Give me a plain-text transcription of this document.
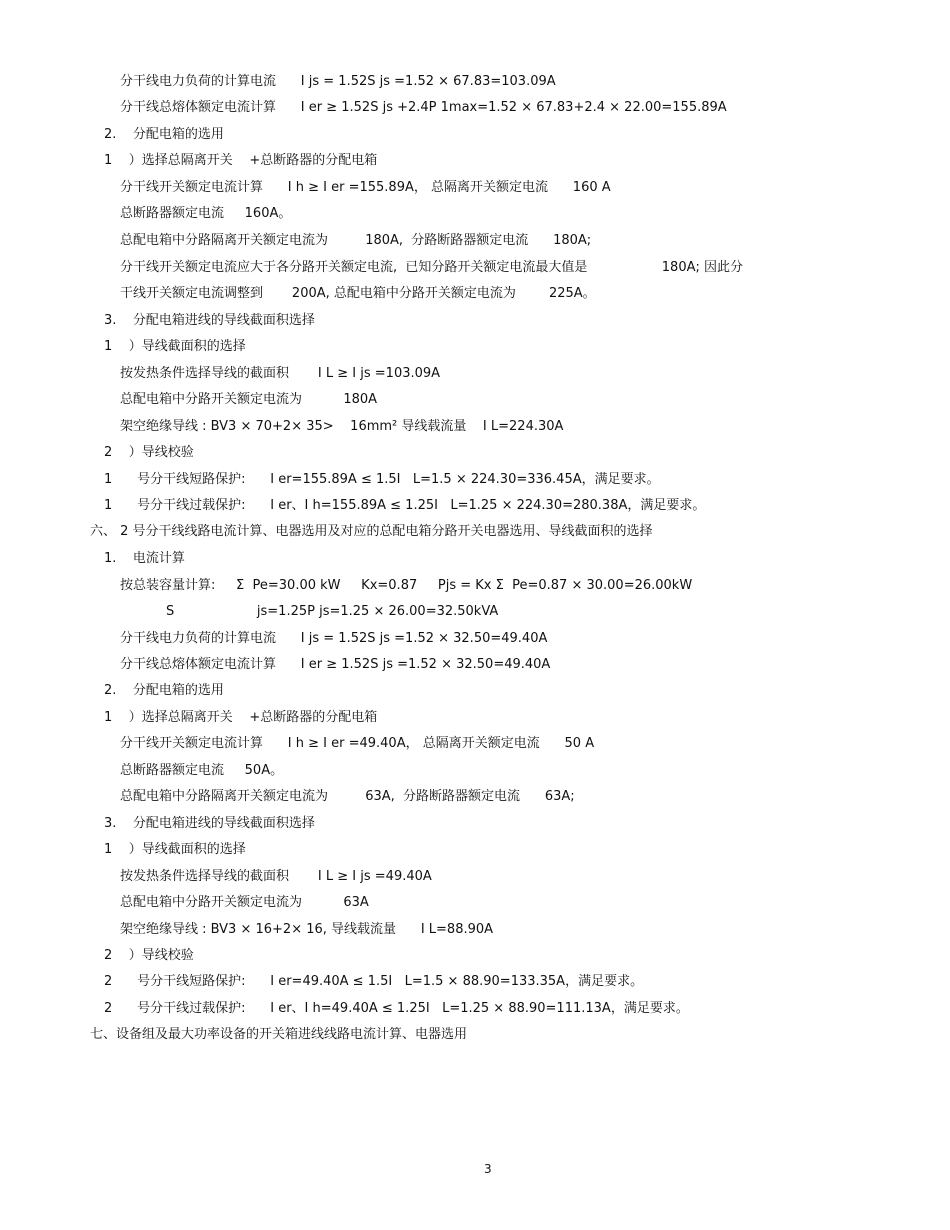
分干线电力负荷的计算电流      I js = 1.52S js =1.52 × 67.83=103.09A
分干线总熔体额定电流计算      I er ≥ 1.52S js +2.4P 1max=1.52 × 67.83+2.4 × 22.00=155.89A
2.    分配电箱的选用
1    ）选择总隔离开关    +总断路器的分配电箱
分干线开关额定电流计算      I h ≥ I er =155.89A， 总隔离开关额定电流      160 A
总断路器额定电流     160A。
总配电箱中分路隔离开关额定电流为         180A,  分路断路器额定电流      180A;
分干线开关额定电流应大于各分路开关额定电流,  已知分路开关额定电流最大值是                  180A; 因此分
干线开关额定电流调整到       200A, 总配电箱中分路开关额定电流为        225A。
3.    分配电箱进线的导线截面积选择
1    ）导线截面积的选择
按发热条件选择导线的截面积       I L ≥ I js =103.09A
总配电箱中分路开关额定电流为          180A
架空绝缘导线 : BV3 × 70+2× 35>    16mm² 导线载流量    I L=224.30A
2    ）导线校验
1      号分干线短路保护:      I er=155.89A ≤ 1.5I   L=1.5 × 224.30=336.45A，满足要求。
1      号分干线过载保护:      I er、I h=155.89A ≤ 1.25I   L=1.25 × 224.30=280.38A，满足要求。
六、 2 号分干线线路电流计算、电器选用及对应的总配电箱分路开关电器选用、导线截面积的选择
1.    电流计算
按总装容量计算:     Σ  Pe=30.00 kW     Kx=0.87     Pjs = Kx Σ  Pe=0.87 × 30.00=26.00kW
S                    js=1.25P js=1.25 × 26.00=32.50kVA
分干线电力负荷的计算电流      I js = 1.52S js =1.52 × 32.50=49.40A
分干线总熔体额定电流计算      I er ≥ 1.52S js =1.52 × 32.50=49.40A
2.    分配电箱的选用
1    ）选择总隔离开关    +总断路器的分配电箱
分干线开关额定电流计算      I h ≥ I er =49.40A， 总隔离开关额定电流      50 A
总断路器额定电流     50A。
总配电箱中分路隔离开关额定电流为         63A,  分路断路器额定电流      63A;
3.    分配电箱进线的导线截面积选择
1    ）导线截面积的选择
按发热条件选择导线的截面积       I L ≥ I js =49.40A
总配电箱中分路开关额定电流为          63A
架空绝缘导线 : BV3 × 16+2× 16, 导线载流量      I L=88.90A
2    ）导线校验
2      号分干线短路保护:      I er=49.40A ≤ 1.5I   L=1.5 × 88.90=133.35A，满足要求。
2      号分干线过载保护:      I er、I h=49.40A ≤ 1.25I   L=1.25 × 88.90=111.13A，满足要求。
七、设备组及最大功率设备的开关箱进线线路电流计算、电器选用
3
